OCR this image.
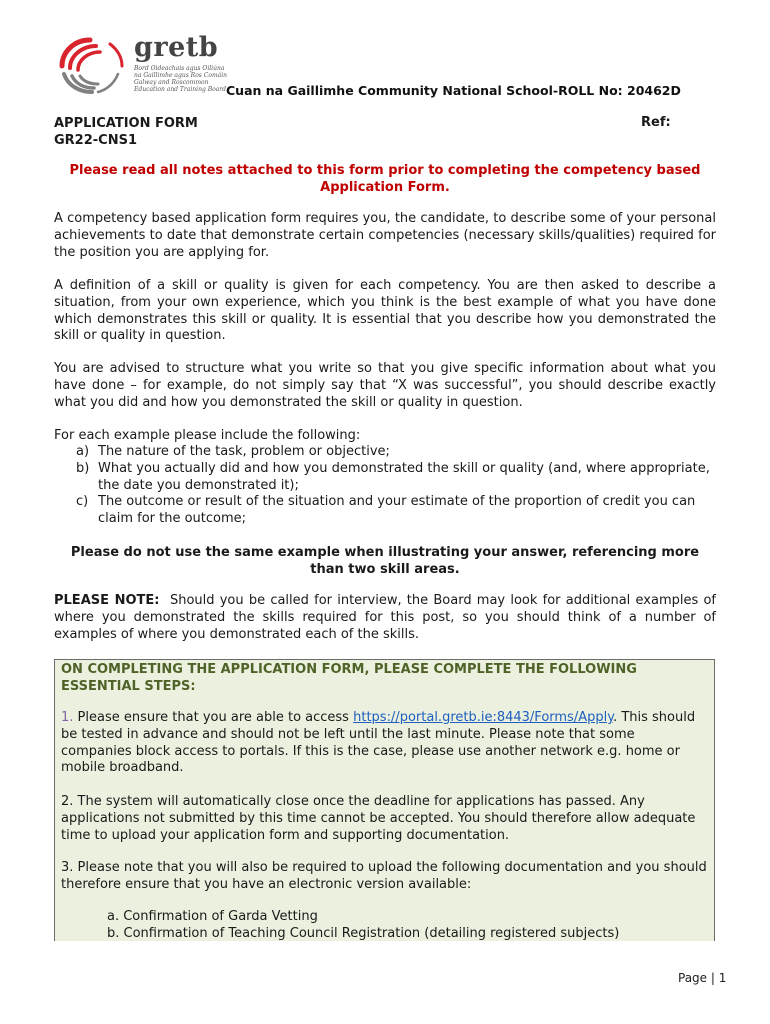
gretb
Bord Oideachais agus Oiliúna
na Gaillimhe agus Ros Comáin
Galway and Roscommon
Education and Training Board Cuan na Gaillimhe Community National School-ROLL No: 20462D
APPLICATION FORM
GR22-CNS1
Ref:
Please read all notes attached to this form prior to completing the competency based Application Form.
A competency based application form requires you, the candidate, to describe some of your personal achievements to date that demonstrate certain competencies (necessary skills/qualities) required for the position you are applying for.
A definition of a skill or quality is given for each competency. You are then asked to describe a situation, from your own experience, which you think is the best example of what you have done which demonstrates this skill or quality. It is essential that you describe how you demonstrated the skill or quality in question.
You are advised to structure what you write so that you give specific information about what you have done – for example, do not simply say that “X was successful”, you should describe exactly what you did and how you demonstrated the skill or quality in question.
For each example please include the following:
a) The nature of the task, problem or objective;
b) What you actually did and how you demonstrated the skill or quality (and, where appropriate, the date you demonstrated it);
c) The outcome or result of the situation and your estimate of the proportion of credit you can claim for the outcome;
Please do not use the same example when illustrating your answer, referencing more than two skill areas.
PLEASE NOTE: Should you be called for interview, the Board may look for additional examples of where you demonstrated the skills required for this post, so you should think of a number of examples of where you demonstrated each of the skills.
ON COMPLETING THE APPLICATION FORM, PLEASE COMPLETE THE FOLLOWING ESSENTIAL STEPS:
1. Please ensure that you are able to access https://portal.gretb.ie:8443/Forms/Apply. This should be tested in advance and should not be left until the last minute. Please note that some companies block access to portals. If this is the case, please use another network e.g. home or mobile broadband.
2. The system will automatically close once the deadline for applications has passed. Any applications not submitted by this time cannot be accepted. You should therefore allow adequate time to upload your application form and supporting documentation.
3. Please note that you will also be required to upload the following documentation and you should therefore ensure that you have an electronic version available:
a. Confirmation of Garda Vetting
b. Confirmation of Teaching Council Registration (detailing registered subjects)
Page | 1
